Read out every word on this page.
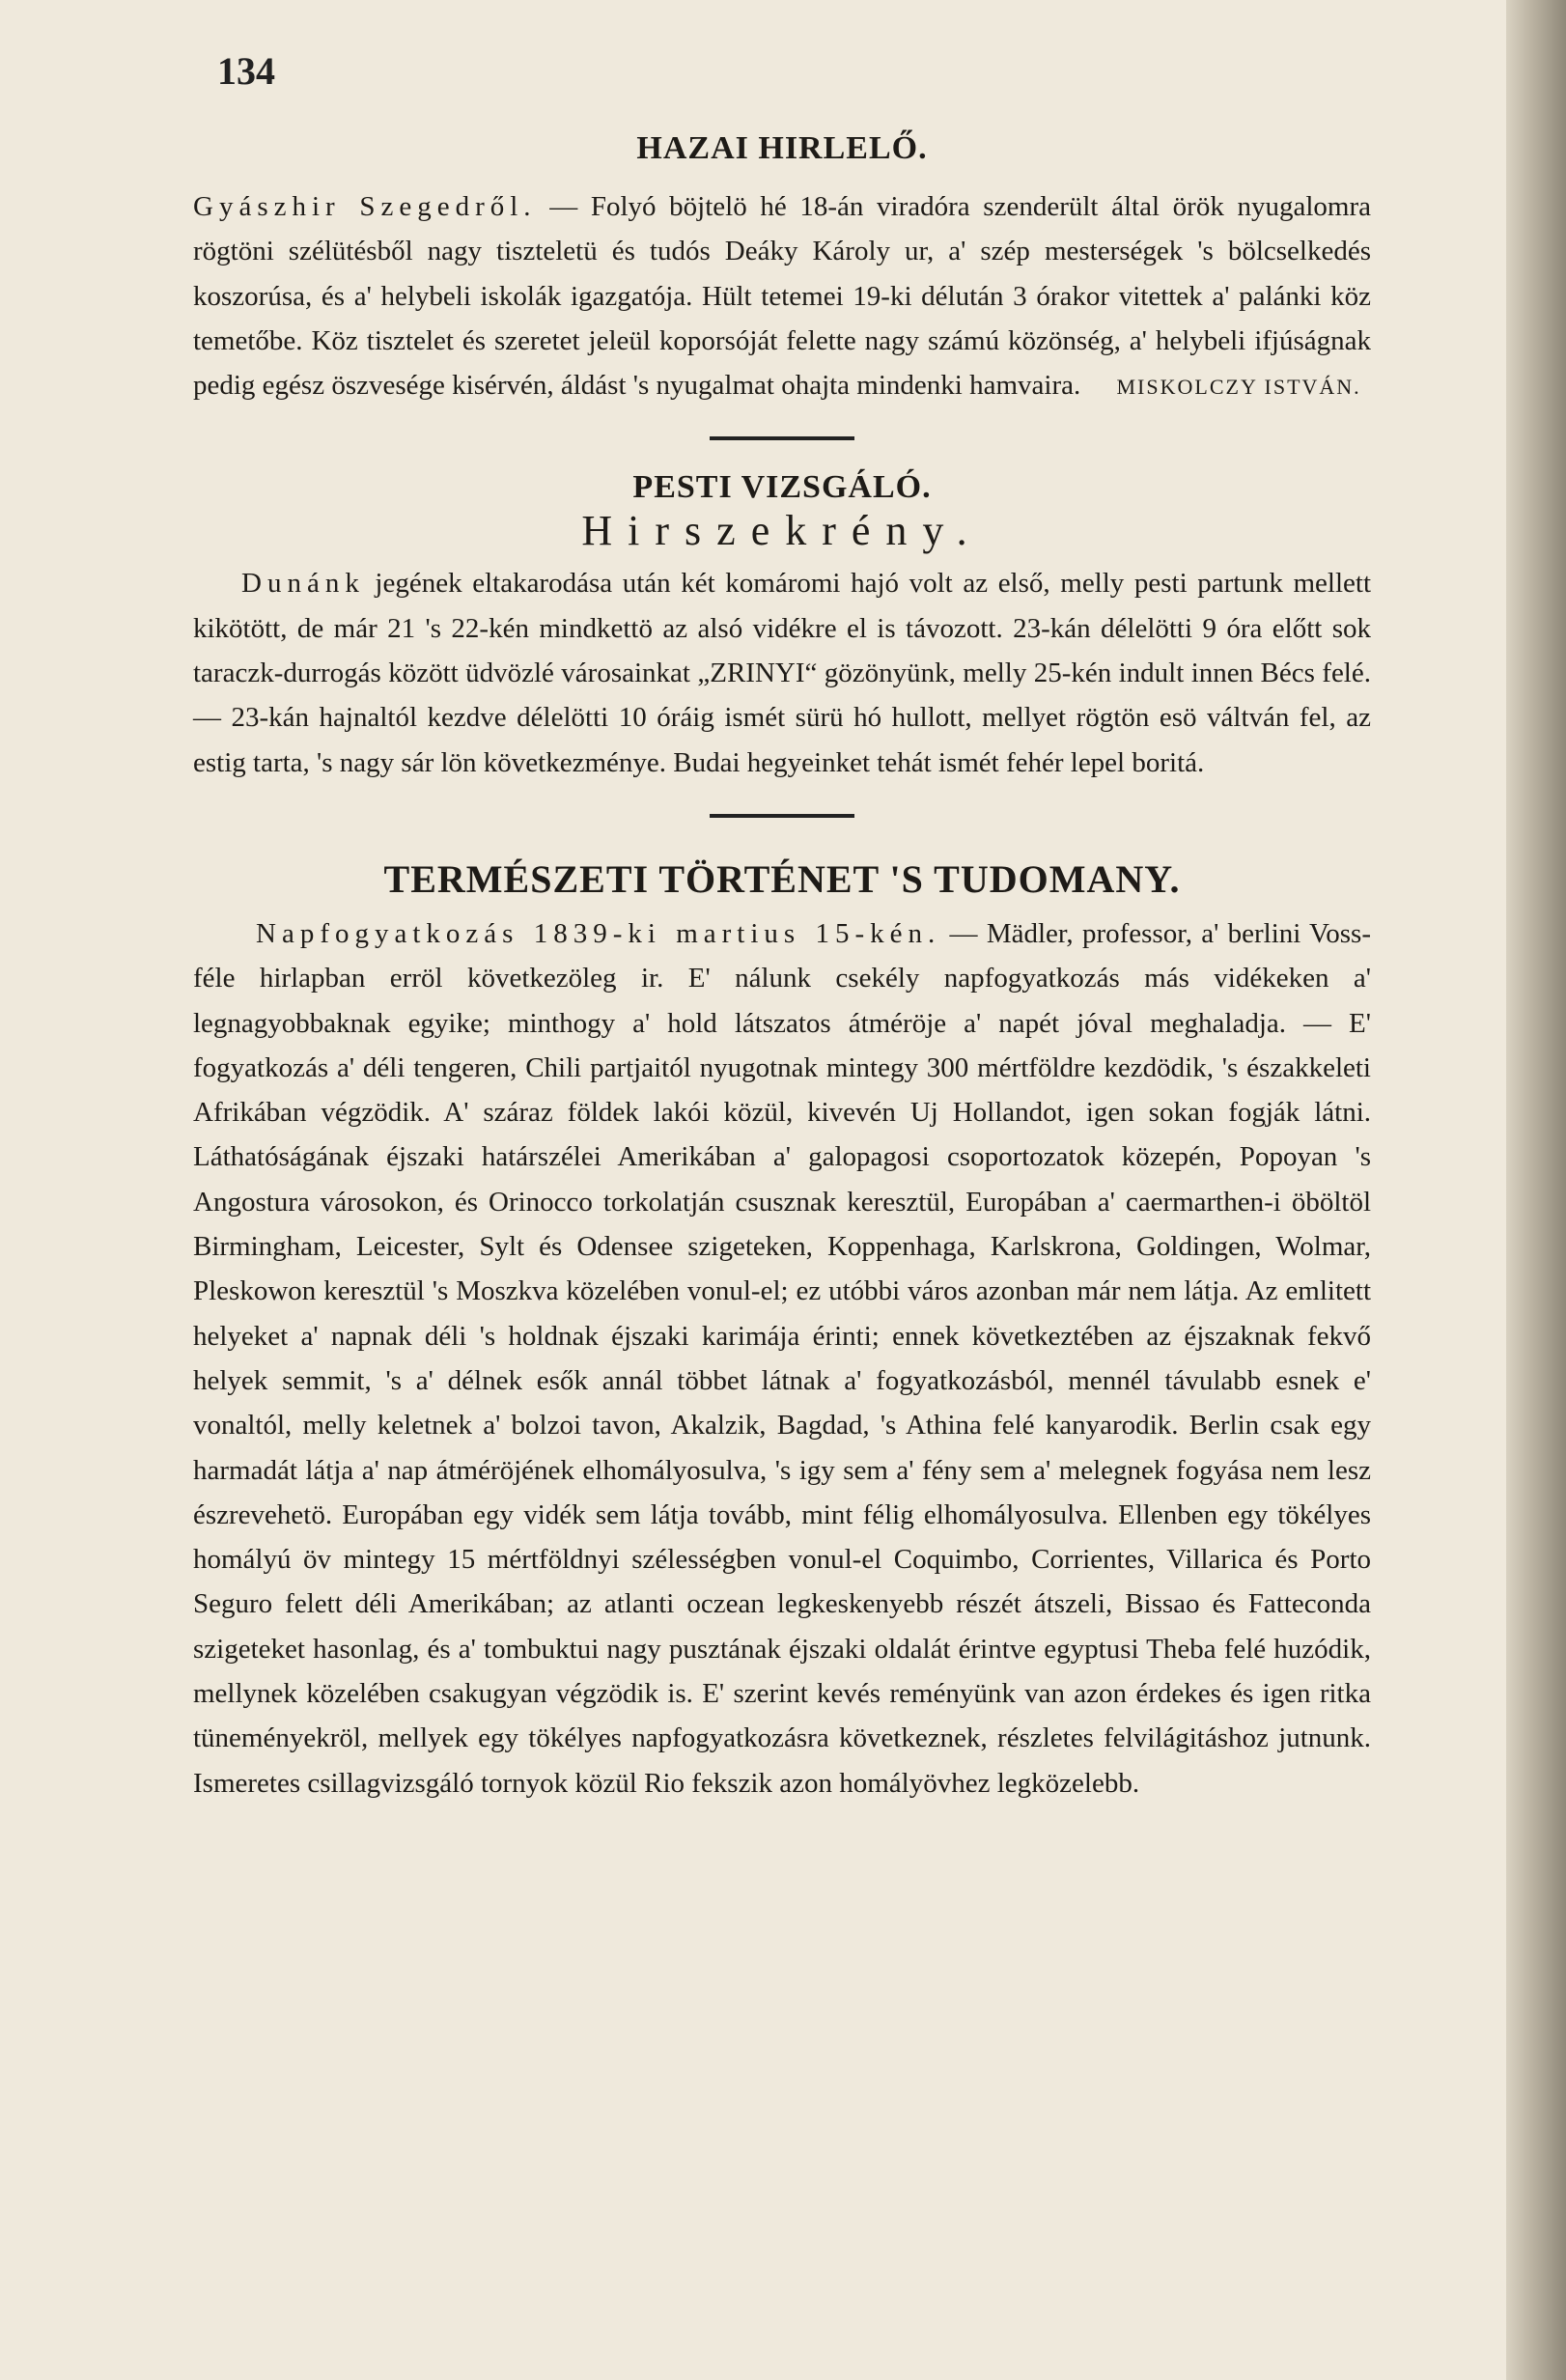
134
HAZAI HIRLELŐ.

Gyászhir Szegedről. — Folyó böjtelö hé 18-án viradóra szenderült által örök nyugalomra rögtöni szélütésből nagy tiszteletü és tudós Deáky Károly ur, a' szép mesterségek 's bölcselkedés koszorúsa, és a' helybeli iskolák igazgatója. Hült tetemei 19-ki délután 3 órakor vitettek a' palánki köz temetőbe. Köz tisztelet és szeretet jeleül koporsóját felette nagy számú közönség, a' helybeli ifjúságnak pedig egész öszvesége kisérvén, áldást 's nyugalmat ohajta mindenki hamvaira. MISKOLCZY ISTVÁN.

PESTI VIZSGÁLÓ.
Hirszekrény.

Dunánk jegének eltakarodása után két komáromi hajó volt az első, melly pesti partunk mellett kikötött, de már 21 's 22-kén mindkettö az alsó vidékre el is távozott. 23-kán délelötti 9 óra előtt sok taraczk-durrogás között üdvözlé városainkat „ZRINYI“ gözönyünk, melly 25-kén indult innen Bécs felé. — 23-kán hajnaltól kezdve délelötti 10 óráig ismét sürü hó hullott, mellyet rögtön esö váltván fel, az estig tarta, 's nagy sár lön következménye. Budai hegyeinket tehát ismét fehér lepel boritá.

TERMÉSZETI TÖRTÉNET 'S TUDOMANY.

Napfogyatkozás 1839-ki martius 15-kén. — Mädler, professor, a' berlini Voss-féle hirlapban erröl következöleg ir. E' nálunk csekély napfogyatkozás más vidékeken a' legnagyobbaknak egyike; minthogy a' hold látszatos átméröje a' napét jóval meghaladja. — E' fogyatkozás a' déli tengeren, Chili partjaitól nyugotnak mintegy 300 mértföldre kezdödik, 's északkeleti Afrikában végzödik. A' száraz földek lakói közül, kivevén Uj Hollandot, igen sokan fogják látni. Láthatóságának éjszaki határszélei Amerikában a' galopagosi csoportozatok közepén, Popoyan 's Angostura városokon, és Orinocco torkolatján csusznak keresztül, Europában a' caermarthen-i öböltöl Birmingham, Leicester, Sylt és Odensee szigeteken, Koppenhaga, Karlskrona, Goldingen, Wolmar, Pleskowon keresztül 's Moszkva közelében vonul-el; ez utóbbi város azonban már nem látja. Az emlitett helyeket a' napnak déli 's holdnak éjszaki karimája érinti; ennek következtében az éjszaknak fekvő helyek semmit, 's a' délnek esők annál többet látnak a' fogyatkozásból, mennél távulabb esnek e' vonaltól, melly keletnek a' bolzoi tavon, Akalzik, Bagdad, 's Athina felé kanyarodik. Berlin csak egy harmadát látja a' nap átméröjének elhomályosulva, 's igy sem a' fény sem a' melegnek fogyása nem lesz észrevehetö. Europában egy vidék sem látja tovább, mint félig elhomályosulva. Ellenben egy tökélyes homályú öv mintegy 15 mértföldnyi szélességben vonul-el Coquimbo, Corrientes, Villarica és Porto Seguro felett déli Amerikában; az atlanti oczean legkeskenyebb részét átszeli, Bissao és Fatteconda szigeteket hasonlag, és a' tombuktui nagy pusztának éjszaki oldalát érintve egyptusi Theba felé huzódik, mellynek közelében csakugyan végzödik is. E' szerint kevés reményünk van azon érdekes és igen ritka tüneményekröl, mellyek egy tökélyes napfogyatkozásra következnek, részletes felvilágitáshoz jutnunk. Ismeretes csillagvizsgáló tornyok közül Rio fekszik azon homályövhez legközelebb.
